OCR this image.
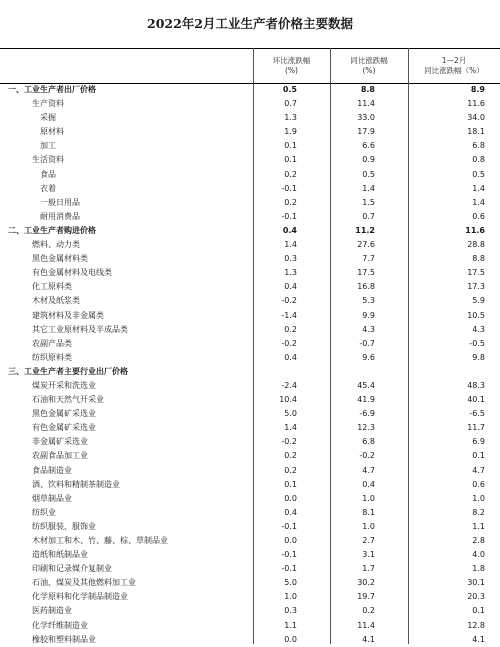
2022年2月工业生产者价格主要数据
环比涨跌幅
(%)
同比涨跌幅
(%)
1—2月
同比涨跌幅（%）
一、工业生产者出厂价格	0.5	8.8	8.9
生产资料	0.7	11.4	11.6
采掘	1.3	33.0	34.0
原材料	1.9	17.9	18.1
加工	0.1	6.6	6.8
生活资料	0.1	0.9	0.8
食品	0.2	0.5	0.5
衣着	-0.1	1.4	1.4
一般日用品	0.2	1.5	1.4
耐用消费品	-0.1	0.7	0.6
二、工业生产者购进价格	0.4	11.2	11.6
燃料、动力类	1.4	27.6	28.8
黑色金属材料类	0.3	7.7	8.8
有色金属材料及电线类	1.3	17.5	17.5
化工原料类	0.4	16.8	17.3
木材及纸浆类	-0.2	5.3	5.9
建筑材料及非金属类	-1.4	9.9	10.5
其它工业原材料及半成品类	0.2	4.3	4.3
农副产品类	-0.2	-0.7	-0.5
纺织原料类	0.4	9.6	9.8
三、工业生产者主要行业出厂价格
煤炭开采和洗选业	-2.4	45.4	48.3
石油和天然气开采业	10.4	41.9	40.1
黑色金属矿采选业	5.0	-6.9	-6.5
有色金属矿采选业	1.4	12.3	11.7
非金属矿采选业	-0.2	6.8	6.9
农副食品加工业	0.2	-0.2	0.1
食品制造业	0.2	4.7	4.7
酒、饮料和精制茶制造业	0.1	0.4	0.6
烟草制品业	0.0	1.0	1.0
纺织业	0.4	8.1	8.2
纺织服装、服饰业	-0.1	1.0	1.1
木材加工和木、竹、藤、棕、草制品业	0.0	2.7	2.8
造纸和纸制品业	-0.1	3.1	4.0
印刷和记录媒介复制业	-0.1	1.7	1.8
石油、煤炭及其他燃料加工业	5.0	30.2	30.1
化学原料和化学制品制造业	1.0	19.7	20.3
医药制造业	0.3	0.2	0.1
化学纤维制造业	1.1	11.4	12.8
橡胶和塑料制品业	0.0	4.1	4.1
